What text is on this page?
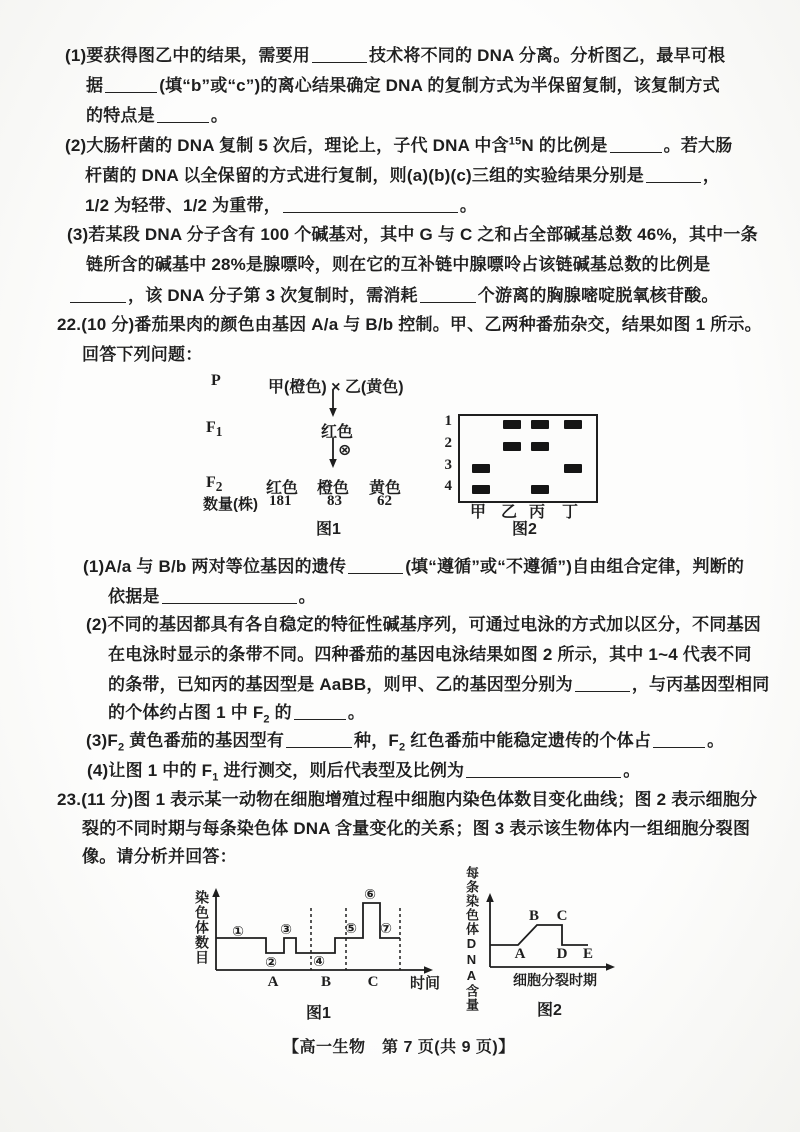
(1)要获得图乙中的结果，需要用	技术将不同的 DNA 分离。分析图乙，最早可根
据	(填“b”或“c”)的离心结果确定 DNA 的复制方式为半保留复制，该复制方式
的特点是	。
(2)大肠杆菌的 DNA 复制 5 次后，理论上，子代 DNA 中含$^{15}$N 的比例是	。若大肠
杆菌的 DNA 以全保留的方式进行复制，则(a)(b)(c)三组的实验结果分别是	，
1/2 为轻带、1/2 为重带，	。
(3)若某段 DNA 分子含有 100 个碱基对，其中 G 与 C 之和占全部碱基总数 46%，其中一条
链所含的碱基中 28%是腺嘌呤，则在它的互补链中腺嘌呤占该链碱基总数的比例是
，该 DNA 分子第 3 次复制时，需消耗	个游离的胸腺嘧啶脱氧核苷酸。
22.(10 分)番茄果肉的颜色由基因 A/a 与 B/b 控制。甲、乙两种番茄杂交，结果如图 1 所示。
回答下列问题：
P	甲(橙色) × 乙(黄色)
$F_1$	红色
⊗
$F_2$	红色 橙色 黄色
数量(株) 181 83 62
图1
1
2
3
4
甲 乙 丙 丁
图2
(1)A/a 与 B/b 两对等位基因的遗传	(填“遵循”或“不遵循”)自由组合定律，判断的
依据是	。
(2)不同的基因都具有各自稳定的特征性碱基序列，可通过电泳的方式加以区分，不同基因
在电泳时显示的条带不同。四种番茄的基因电泳结果如图 2 所示，其中 1~4 代表不同
的条带，已知丙的基因型是 AaBB，则甲、乙的基因型分别为	，与丙基因型相同
的个体约占图 1 中 $F_2$ 的	。
$(3)F_2$ 黄色番茄的基因型有	种，$F_2$ 红色番茄中能稳定遗传的个体占	。
(4)让图 1 中的 $F_1$ 进行测交，则后代表型及比例为	。
23.(11 分)图 1 表示某一动物在细胞增殖过程中细胞内染色体数目变化曲线；图 2 表示细胞分
裂的不同时期与每条染色体 DNA 含量变化的关系；图 3 表示该生物体内一组细胞分裂图
像。请分析并回答：
染色体数目 ①
②
③
④
⑤
⑥
⑦
A	B C 时间
图1
每条染色体DNA含量 A
B C
D E
细胞分裂时期
图2
【高一生物　第 7 页(共 9 页)】
